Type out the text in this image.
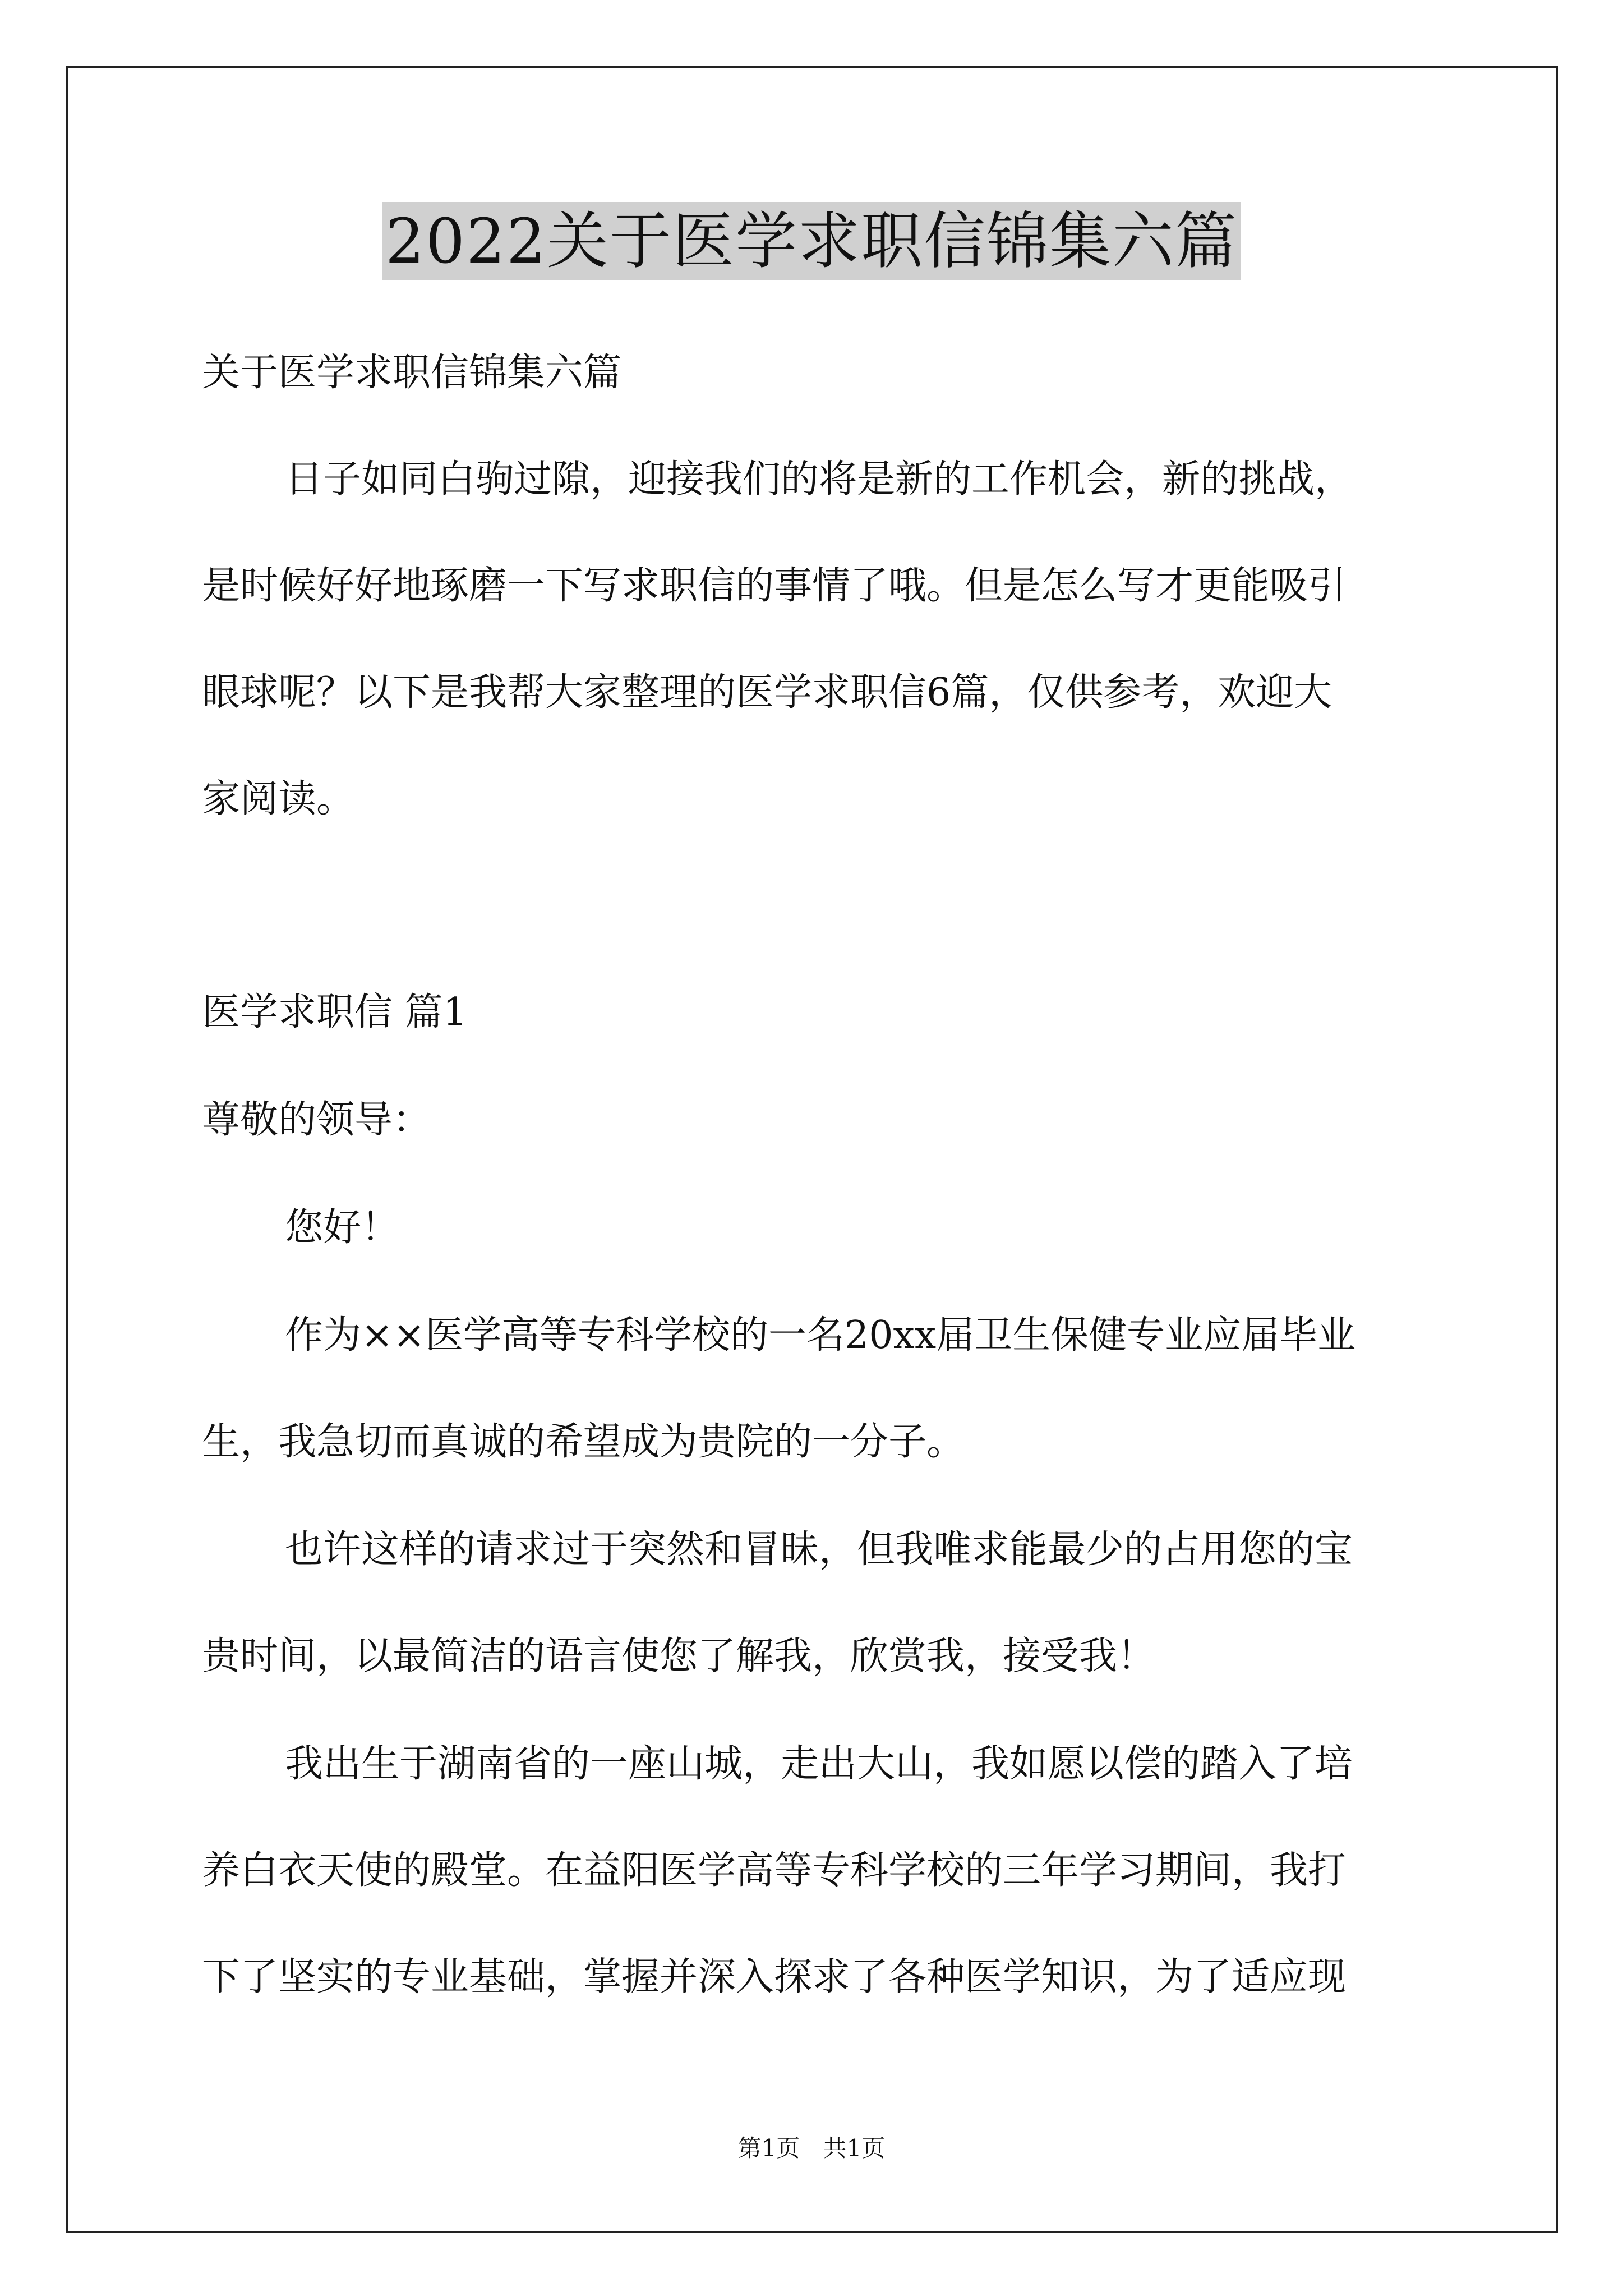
2022关于医学求职信锦集六篇
关于医学求职信锦集六篇
日子如同白驹过隙，迎接我们的将是新的工作机会，新的挑战，
是时候好好地琢磨一下写求职信的事情了哦。但是怎么写才更能吸引
眼球呢？以下是我帮大家整理的医学求职信6篇，仅供参考，欢迎大
家阅读。
医学求职信 篇1
尊敬的领导：
您好！
作为××医学高等专科学校的一名20xx届卫生保健专业应届毕业
生，我急切而真诚的希望成为贵院的一分子。
也许这样的请求过于突然和冒昧，但我唯求能最少的占用您的宝
贵时间，以最简洁的语言使您了解我，欣赏我，接受我！
我出生于湖南省的一座山城，走出大山，我如愿以偿的踏入了培
养白衣天使的殿堂。在益阳医学高等专科学校的三年学习期间，我打
下了坚实的专业基础，掌握并深入探求了各种医学知识，为了适应现
第1页 共1页
